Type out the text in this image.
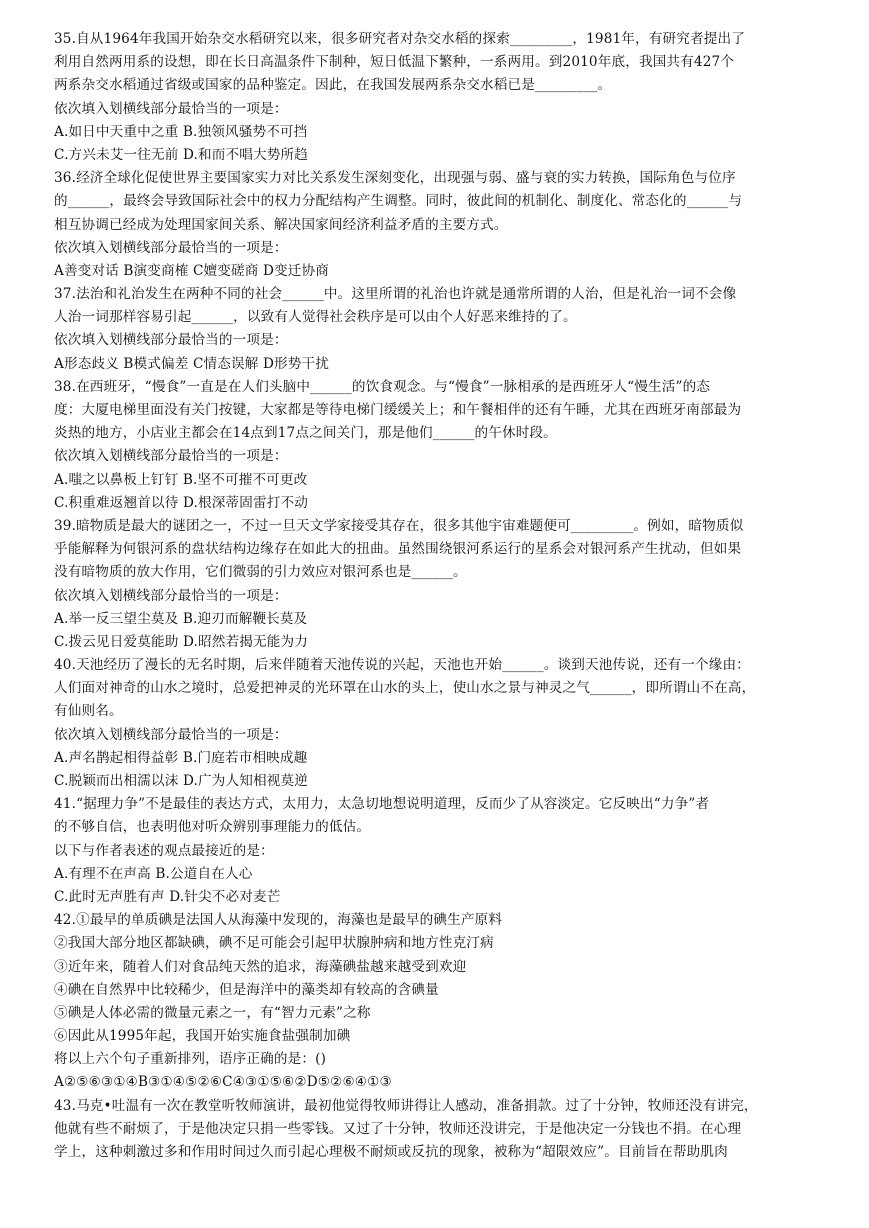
35.自从1964年我国开始杂交水稻研究以来，很多研究者对杂交水稻的探索_________，1981年，有研究者提出了
利用自然两用系的设想，即在长日高温条件下制种，短日低温下繁种，一系两用。到2010年底，我国共有427个
两系杂交水稻通过省级或国家的品种鉴定。因此，在我国发展两系杂交水稻已是_________。
依次填入划横线部分最恰当的一项是：
A.如日中天重中之重 B.独领风骚势不可挡
C.方兴未艾一往无前 D.和而不唱大势所趋
36.经济全球化促使世界主要国家实力对比关系发生深刻变化，出现强与弱、盛与衰的实力转换，国际角色与位序
的______，最终会导致国际社会中的权力分配结构产生调整。同时，彼此间的机制化、制度化、常态化的______与
相互协调已经成为处理国家间关系、解决国家间经济利益矛盾的主要方式。
依次填入划横线部分最恰当的一项是：
A善变对话 B演变商榷 C嬗变磋商 D变迁协商
37.法治和礼治发生在两种不同的社会______中。这里所谓的礼治也许就是通常所谓的人治，但是礼治一词不会像
人治一词那样容易引起______，以致有人觉得社会秩序是可以由个人好恶来维持的了。
依次填入划横线部分最恰当的一项是：
A形态歧义 B模式偏差 C情态误解 D形势干扰
38.在西班牙，“慢食”一直是在人们头脑中______的饮食观念。与“慢食”一脉相承的是西班牙人“慢生活”的态
度：大厦电梯里面没有关门按键，大家都是等待电梯门缓缓关上；和午餐相伴的还有午睡，尤其在西班牙南部最为
炎热的地方，小店业主都会在14点到17点之间关门，那是他们______的午休时段。
依次填入划横线部分最恰当的一项是：
A.嗤之以鼻板上钉钉 B.坚不可摧不可更改
C.积重难返翘首以待 D.根深蒂固雷打不动
39.暗物质是最大的谜团之一，不过一旦天文学家接受其存在，很多其他宇宙难题便可_________。例如，暗物质似
乎能解释为何银河系的盘状结构边缘存在如此大的扭曲。虽然围绕银河系运行的星系会对银河系产生扰动，但如果
没有暗物质的放大作用，它们微弱的引力效应对银河系也是______。
依次填入划横线部分最恰当的一项是：
A.举一反三望尘莫及 B.迎刃而解鞭长莫及
C.拨云见日爱莫能助 D.昭然若揭无能为力
40.天池经历了漫长的无名时期，后来伴随着天池传说的兴起，天池也开始______。谈到天池传说，还有一个缘由：
人们面对神奇的山水之境时，总爱把神灵的光环罩在山水的头上，使山水之景与神灵之气______，即所谓山不在高，
有仙则名。
依次填入划横线部分最恰当的一项是：
A.声名鹊起相得益彰 B.门庭若市相映成趣
C.脱颖而出相濡以沫 D.广为人知相视莫逆
41.“据理力争”不是最佳的表达方式，太用力，太急切地想说明道理，反而少了从容淡定。它反映出“力争”者
的不够自信，也表明他对听众辨别事理能力的低估。
以下与作者表述的观点最接近的是：
A.有理不在声高 B.公道自在人心
C.此时无声胜有声 D.针尖不必对麦芒
42.①最早的单质碘是法国人从海藻中发现的，海藻也是最早的碘生产原料
②我国大部分地区都缺碘，碘不足可能会引起甲状腺肿病和地方性克汀病
③近年来，随着人们对食品纯天然的追求，海藻碘盐越来越受到欢迎
④碘在自然界中比较稀少，但是海洋中的藻类却有较高的含碘量
⑤碘是人体必需的微量元素之一，有“智力元素”之称
⑥因此从1995年起，我国开始实施食盐强制加碘
将以上六个句子重新排列，语序正确的是：()
A②⑤⑥③①④B③①④⑤②⑥C④③①⑤⑥②D⑤②⑥④①③
43.马克•吐温有一次在教堂听牧师演讲，最初他觉得牧师讲得让人感动，准备捐款。过了十分钟，牧师还没有讲完，
他就有些不耐烦了，于是他决定只捐一些零钱。又过了十分钟，牧师还没讲完，于是他决定一分钱也不捐。在心理
学上，这种刺激过多和作用时间过久而引起心理极不耐烦或反抗的现象，被称为“超限效应”。目前旨在帮助肌肉
